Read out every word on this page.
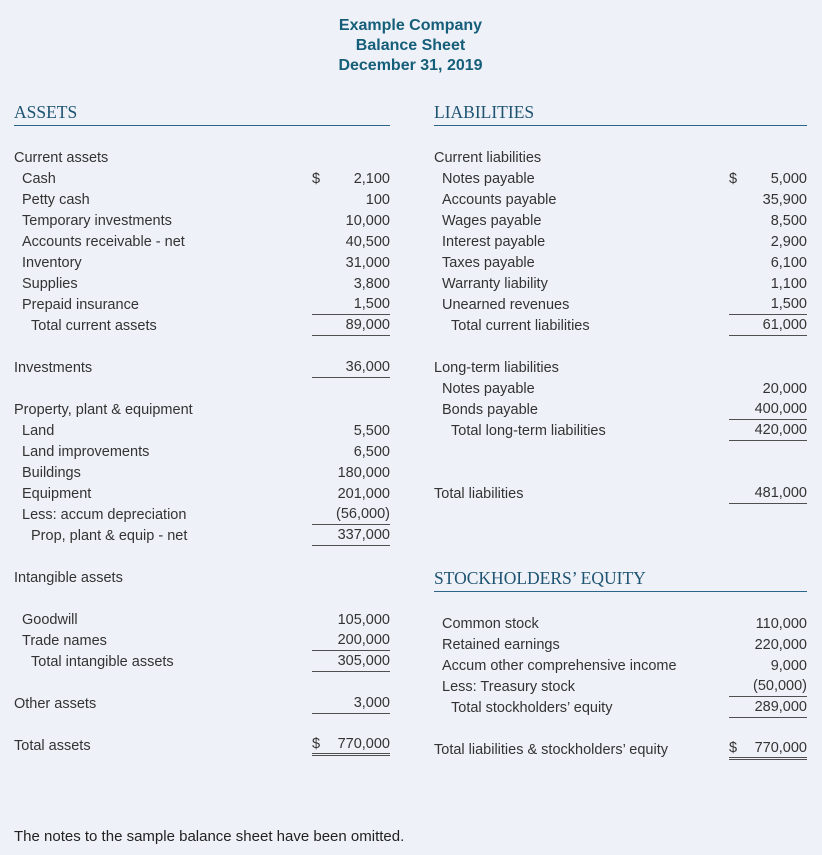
Example Company
Balance Sheet
December 31, 2019
ASSETS
Current assets
Cash	$ 2,100
Petty cash	100
Temporary investments	10,000
Accounts receivable - net	40,500
Inventory	31,000
Supplies	3,800
Prepaid insurance	1,500
Total current assets	89,000
Investments	36,000
Property, plant & equipment
Land	5,500
Land improvements	6,500
Buildings	180,000
Equipment	201,000
Less: accum depreciation	(56,000)
Prop, plant & equip - net	337,000
Intangible assets
Goodwill	105,000
Trade names	200,000
Total intangible assets	305,000
Other assets	3,000
Total assets	$ 770,000
LIABILITIES
Current liabilities
Notes payable	$ 5,000
Accounts payable	35,900
Wages payable	8,500
Interest payable	2,900
Taxes payable	6,100
Warranty liability	1,100
Unearned revenues	1,500
Total current liabilities	61,000
Long-term liabilities
Notes payable	20,000
Bonds payable	400,000
Total long-term liabilities	420,000
Total liabilities	481,000
STOCKHOLDERS’ EQUITY
Common stock	110,000
Retained earnings	220,000
Accum other comprehensive income	9,000
Less: Treasury stock	(50,000)
Total stockholders’ equity	289,000
Total liabilities & stockholders’ equity	$ 770,000
The notes to the sample balance sheet have been omitted.
